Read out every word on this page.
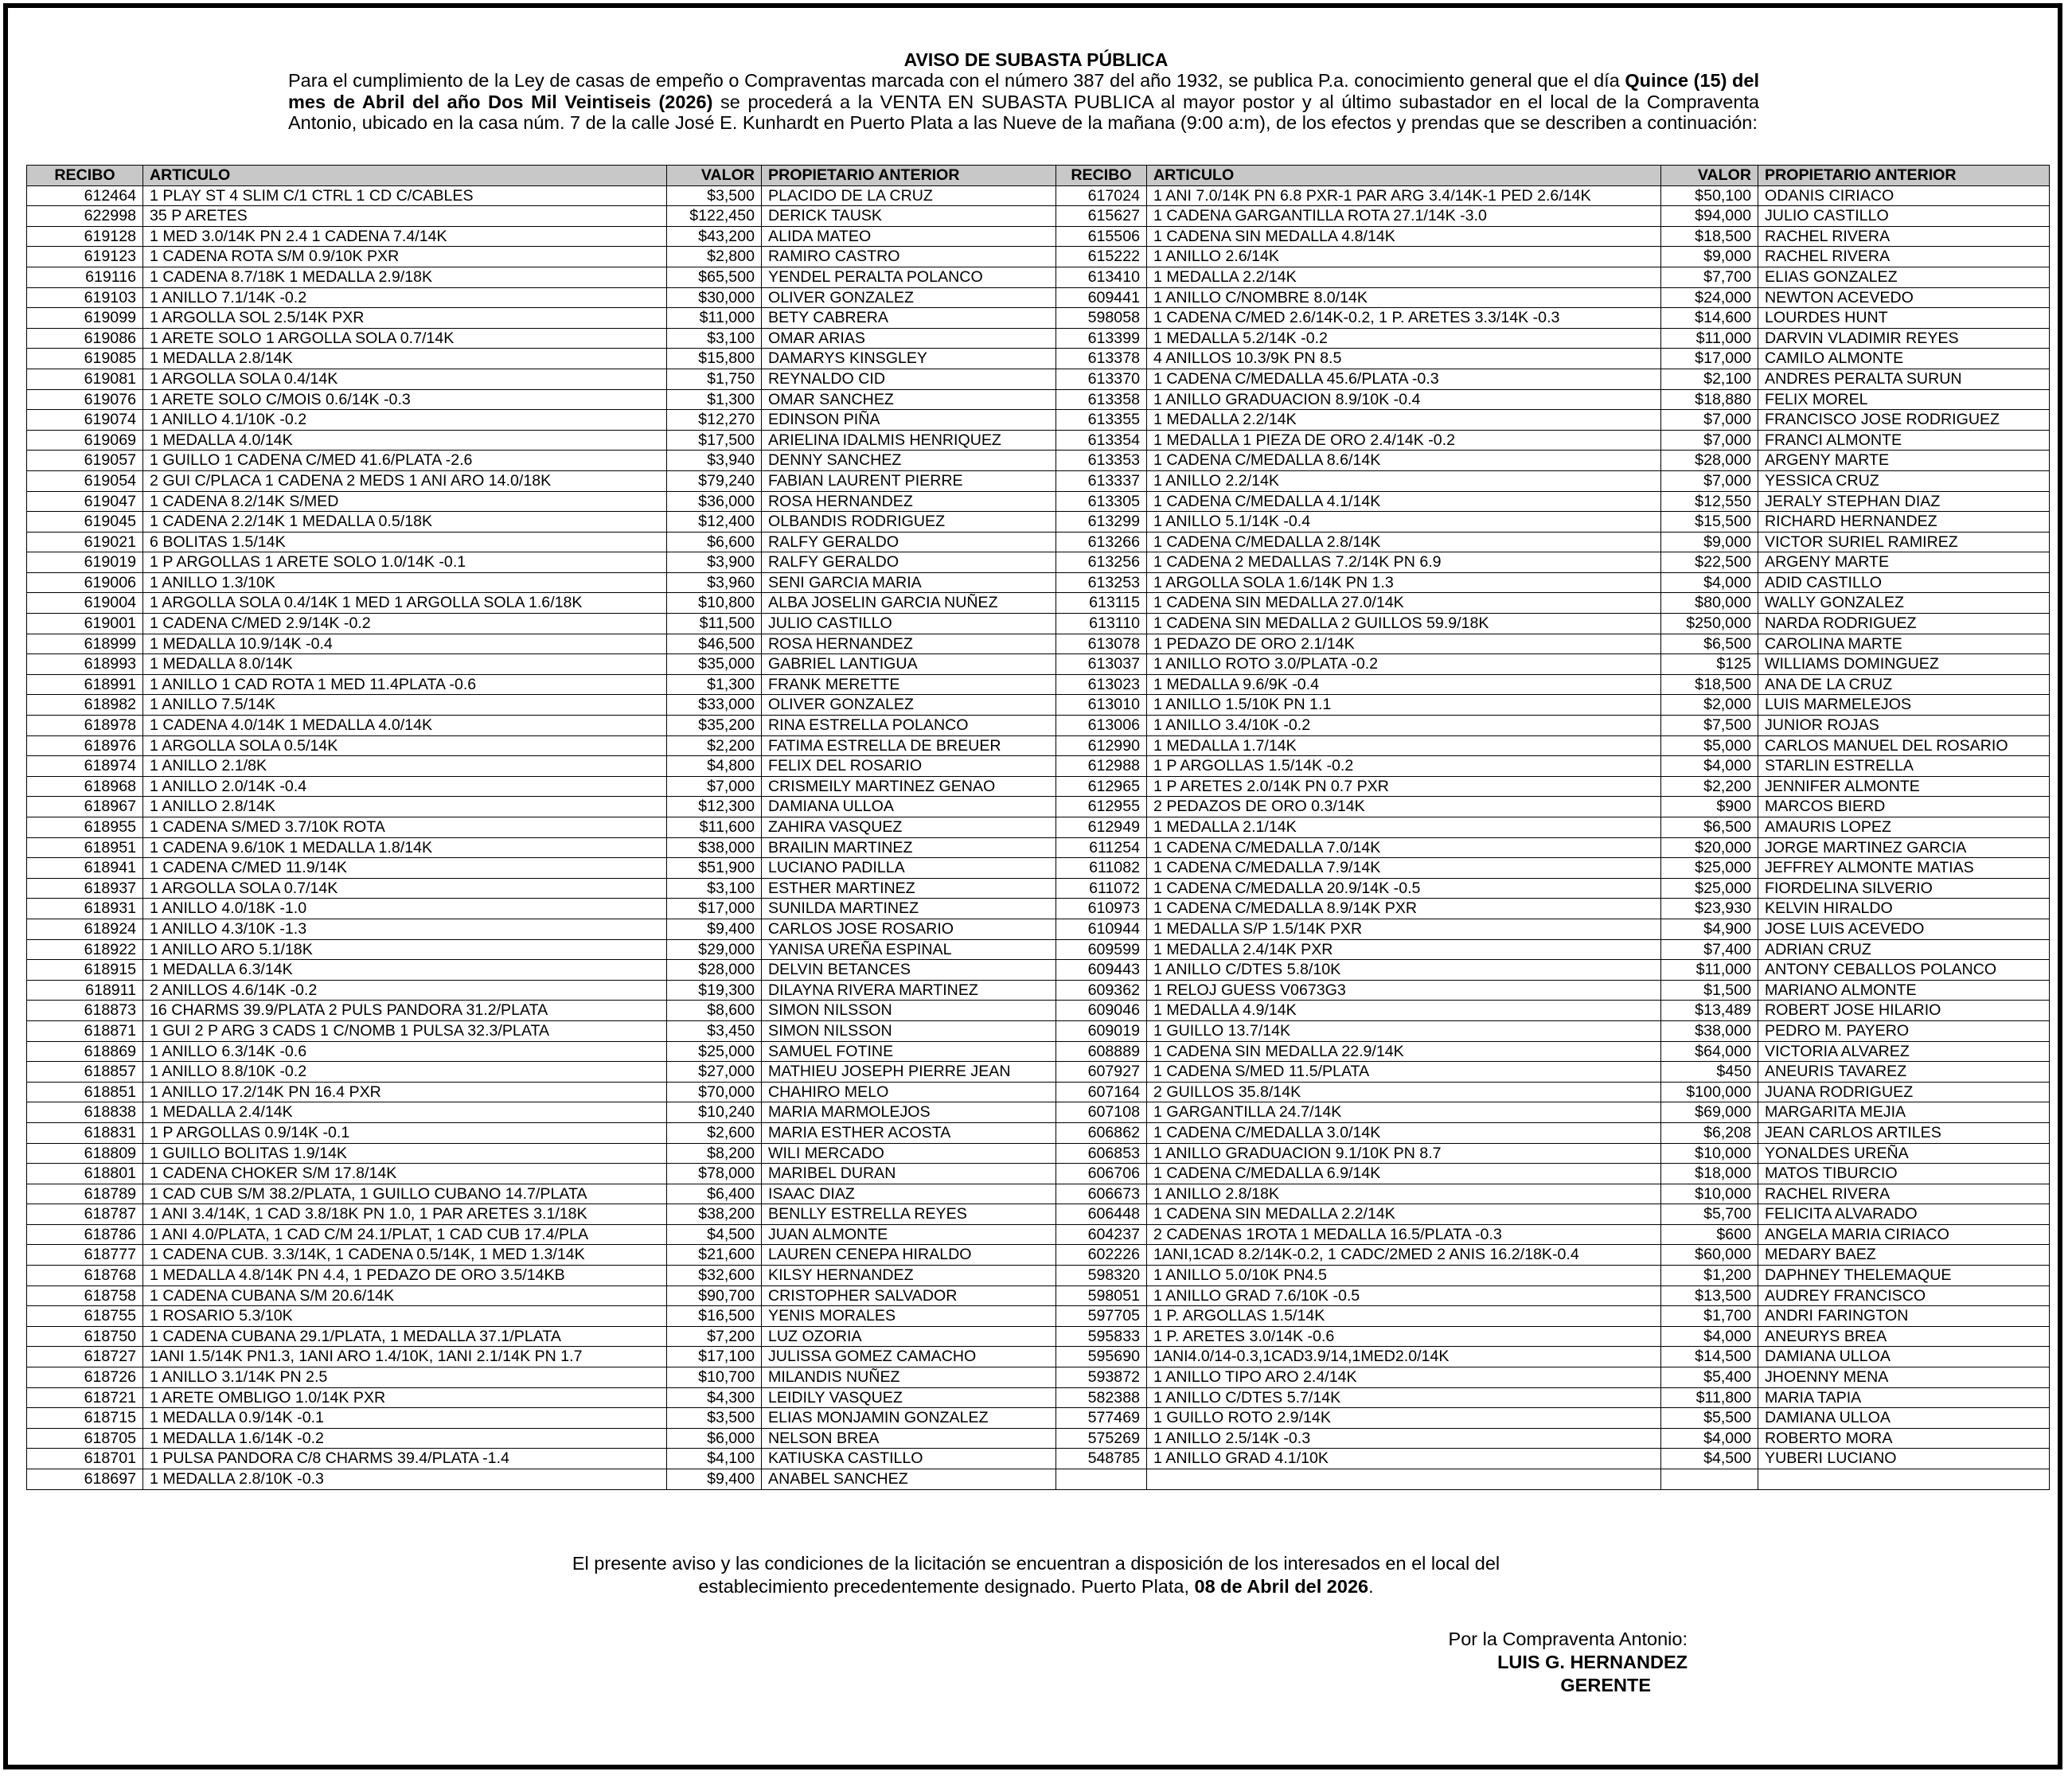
AVISO DE SUBASTA PÚBLICA
Para el cumplimiento de la Ley de casas de empeño o Compraventas marcada con el número 387 del año 1932, se publica P.a. conocimiento general que el día Quince (15) del mes de Abril del año Dos Mil Veintiseis (2026) se procederá a la VENTA EN SUBASTA PUBLICA al mayor postor y al último subastador en el local de la Compraventa Antonio, ubicado en la casa núm. 7 de la calle José E. Kunhardt en Puerto Plata a las Nueve de la mañana (9:00 a:m), de los efectos y prendas que se describen a continuación:
RECIBO	ARTICULO	VALOR	PROPIETARIO ANTERIOR	RECIBO	ARTICULO	VALOR	PROPIETARIO ANTERIOR
612464	1 PLAY ST 4 SLIM C/1 CTRL 1 CD C/CABLES	$3,500	PLACIDO DE LA CRUZ	617024	1 ANI 7.0/14K PN 6.8 PXR-1 PAR ARG 3.4/14K-1 PED 2.6/14K	$50,100	ODANIS CIRIACO
622998	35 P ARETES	$122,450	DERICK TAUSK	615627	1 CADENA GARGANTILLA ROTA 27.1/14K -3.0	$94,000	JULIO CASTILLO
619128	1 MED 3.0/14K PN 2.4 1 CADENA 7.4/14K	$43,200	ALIDA MATEO	615506	1 CADENA SIN MEDALLA 4.8/14K	$18,500	RACHEL RIVERA
619123	1 CADENA ROTA S/M 0.9/10K PXR	$2,800	RAMIRO CASTRO	615222	1 ANILLO 2.6/14K	$9,000	RACHEL RIVERA
619116	1 CADENA 8.7/18K 1 MEDALLA 2.9/18K	$65,500	YENDEL PERALTA POLANCO	613410	1 MEDALLA 2.2/14K	$7,700	ELIAS GONZALEZ
619103	1 ANILLO 7.1/14K -0.2	$30,000	OLIVER GONZALEZ	609441	1 ANILLO C/NOMBRE 8.0/14K	$24,000	NEWTON ACEVEDO
619099	1 ARGOLLA SOL 2.5/14K PXR	$11,000	BETY CABRERA	598058	1 CADENA C/MED 2.6/14K-0.2, 1 P. ARETES 3.3/14K -0.3	$14,600	LOURDES HUNT
619086	1 ARETE SOLO 1 ARGOLLA SOLA 0.7/14K	$3,100	OMAR ARIAS	613399	1 MEDALLA 5.2/14K -0.2	$11,000	DARVIN VLADIMIR REYES
619085	1 MEDALLA 2.8/14K	$15,800	DAMARYS KINSGLEY	613378	4 ANILLOS 10.3/9K PN 8.5	$17,000	CAMILO ALMONTE
619081	1 ARGOLLA SOLA 0.4/14K	$1,750	REYNALDO CID	613370	1 CADENA C/MEDALLA 45.6/PLATA -0.3	$2,100	ANDRES PERALTA SURUN
619076	1 ARETE SOLO C/MOIS 0.6/14K -0.3	$1,300	OMAR SANCHEZ	613358	1 ANILLO GRADUACION 8.9/10K -0.4	$18,880	FELIX MOREL
619074	1 ANILLO 4.1/10K -0.2	$12,270	EDINSON PIÑA	613355	1 MEDALLA 2.2/14K	$7,000	FRANCISCO JOSE RODRIGUEZ
619069	1 MEDALLA 4.0/14K	$17,500	ARIELINA IDALMIS HENRIQUEZ	613354	1 MEDALLA 1 PIEZA DE ORO 2.4/14K -0.2	$7,000	FRANCI ALMONTE
619057	1 GUILLO 1 CADENA C/MED 41.6/PLATA -2.6	$3,940	DENNY SANCHEZ	613353	1 CADENA C/MEDALLA 8.6/14K	$28,000	ARGENY MARTE
619054	2 GUI C/PLACA 1 CADENA 2 MEDS 1 ANI ARO 14.0/18K	$79,240	FABIAN LAURENT PIERRE	613337	1 ANILLO 2.2/14K	$7,000	YESSICA CRUZ
619047	1 CADENA 8.2/14K S/MED	$36,000	ROSA HERNANDEZ	613305	1 CADENA C/MEDALLA 4.1/14K	$12,550	JERALY STEPHAN DIAZ
619045	1 CADENA 2.2/14K 1 MEDALLA 0.5/18K	$12,400	OLBANDIS RODRIGUEZ	613299	1 ANILLO 5.1/14K -0.4	$15,500	RICHARD HERNANDEZ
619021	6 BOLITAS 1.5/14K	$6,600	RALFY GERALDO	613266	1 CADENA C/MEDALLA 2.8/14K	$9,000	VICTOR SURIEL RAMIREZ
619019	1 P ARGOLLAS 1 ARETE SOLO 1.0/14K -0.1	$3,900	RALFY GERALDO	613256	1 CADENA 2 MEDALLAS 7.2/14K PN 6.9	$22,500	ARGENY MARTE
619006	1 ANILLO 1.3/10K	$3,960	SENI GARCIA MARIA	613253	1 ARGOLLA SOLA 1.6/14K PN 1.3	$4,000	ADID CASTILLO
619004	1 ARGOLLA SOLA 0.4/14K 1 MED 1 ARGOLLA SOLA 1.6/18K	$10,800	ALBA JOSELIN GARCIA NUÑEZ	613115	1 CADENA SIN MEDALLA 27.0/14K	$80,000	WALLY GONZALEZ
619001	1 CADENA C/MED 2.9/14K -0.2	$11,500	JULIO CASTILLO	613110	1 CADENA SIN MEDALLA 2 GUILLOS 59.9/18K	$250,000	NARDA RODRIGUEZ
618999	1 MEDALLA 10.9/14K -0.4	$46,500	ROSA HERNANDEZ	613078	1 PEDAZO DE ORO 2.1/14K	$6,500	CAROLINA MARTE
618993	1 MEDALLA 8.0/14K	$35,000	GABRIEL LANTIGUA	613037	1 ANILLO ROTO 3.0/PLATA -0.2	$125	WILLIAMS DOMINGUEZ
618991	1 ANILLO 1 CAD ROTA 1 MED 11.4PLATA -0.6	$1,300	FRANK MERETTE	613023	1 MEDALLA 9.6/9K -0.4	$18,500	ANA DE LA CRUZ
618982	1 ANILLO 7.5/14K	$33,000	OLIVER GONZALEZ	613010	1 ANILLO 1.5/10K PN 1.1	$2,000	LUIS MARMELEJOS
618978	1 CADENA 4.0/14K 1 MEDALLA 4.0/14K	$35,200	RINA ESTRELLA POLANCO	613006	1 ANILLO 3.4/10K -0.2	$7,500	JUNIOR ROJAS
618976	1 ARGOLLA SOLA 0.5/14K	$2,200	FATIMA ESTRELLA DE BREUER	612990	1 MEDALLA 1.7/14K	$5,000	CARLOS MANUEL DEL ROSARIO
618974	1 ANILLO 2.1/8K	$4,800	FELIX DEL ROSARIO	612988	1 P ARGOLLAS 1.5/14K -0.2	$4,000	STARLIN ESTRELLA
618968	1 ANILLO 2.0/14K -0.4	$7,000	CRISMEILY MARTINEZ GENAO	612965	1 P ARETES 2.0/14K PN 0.7 PXR	$2,200	JENNIFER ALMONTE
618967	1 ANILLO 2.8/14K	$12,300	DAMIANA ULLOA	612955	2 PEDAZOS DE ORO 0.3/14K	$900	MARCOS BIERD
618955	1 CADENA S/MED 3.7/10K ROTA	$11,600	ZAHIRA VASQUEZ	612949	1 MEDALLA 2.1/14K	$6,500	AMAURIS LOPEZ
618951	1 CADENA 9.6/10K 1 MEDALLA 1.8/14K	$38,000	BRAILIN MARTINEZ	611254	1 CADENA C/MEDALLA 7.0/14K	$20,000	JORGE MARTINEZ GARCIA
618941	1 CADENA C/MED 11.9/14K	$51,900	LUCIANO PADILLA	611082	1 CADENA C/MEDALLA 7.9/14K	$25,000	JEFFREY ALMONTE MATIAS
618937	1 ARGOLLA SOLA 0.7/14K	$3,100	ESTHER MARTINEZ	611072	1 CADENA C/MEDALLA 20.9/14K -0.5	$25,000	FIORDELINA SILVERIO
618931	1 ANILLO 4.0/18K -1.0	$17,000	SUNILDA MARTINEZ	610973	1 CADENA C/MEDALLA 8.9/14K PXR	$23,930	KELVIN HIRALDO
618924	1 ANILLO 4.3/10K -1.3	$9,400	CARLOS JOSE ROSARIO	610944	1 MEDALLA S/P 1.5/14K PXR	$4,900	JOSE LUIS ACEVEDO
618922	1 ANILLO ARO 5.1/18K	$29,000	YANISA UREÑA ESPINAL	609599	1 MEDALLA 2.4/14K PXR	$7,400	ADRIAN CRUZ
618915	1 MEDALLA 6.3/14K	$28,000	DELVIN BETANCES	609443	1 ANILLO C/DTES 5.8/10K	$11,000	ANTONY CEBALLOS POLANCO
618911	2 ANILLOS 4.6/14K -0.2	$19,300	DILAYNA RIVERA MARTINEZ	609362	1 RELOJ GUESS V0673G3	$1,500	MARIANO ALMONTE
618873	16 CHARMS 39.9/PLATA 2 PULS PANDORA 31.2/PLATA	$8,600	SIMON NILSSON	609046	1 MEDALLA 4.9/14K	$13,489	ROBERT JOSE HILARIO
618871	1 GUI 2 P ARG 3 CADS 1 C/NOMB 1 PULSA 32.3/PLATA	$3,450	SIMON NILSSON	609019	1 GUILLO 13.7/14K	$38,000	PEDRO M. PAYERO
618869	1 ANILLO 6.3/14K -0.6	$25,000	SAMUEL FOTINE	608889	1 CADENA SIN MEDALLA 22.9/14K	$64,000	VICTORIA ALVAREZ
618857	1 ANILLO 8.8/10K -0.2	$27,000	MATHIEU JOSEPH PIERRE JEAN	607927	1 CADENA S/MED 11.5/PLATA	$450	ANEURIS TAVAREZ
618851	1 ANILLO 17.2/14K PN 16.4 PXR	$70,000	CHAHIRO MELO	607164	2 GUILLOS 35.8/14K	$100,000	JUANA RODRIGUEZ
618838	1 MEDALLA 2.4/14K	$10,240	MARIA MARMOLEJOS	607108	1 GARGANTILLA 24.7/14K	$69,000	MARGARITA MEJIA
618831	1 P ARGOLLAS 0.9/14K -0.1	$2,600	MARIA ESTHER ACOSTA	606862	1 CADENA C/MEDALLA 3.0/14K	$6,208	JEAN CARLOS ARTILES
618809	1 GUILLO BOLITAS 1.9/14K	$8,200	WILI MERCADO	606853	1 ANILLO GRADUACION 9.1/10K PN 8.7	$10,000	YONALDES UREÑA
618801	1 CADENA CHOKER S/M 17.8/14K	$78,000	MARIBEL DURAN	606706	1 CADENA C/MEDALLA 6.9/14K	$18,000	MATOS TIBURCIO
618789	1 CAD CUB S/M 38.2/PLATA, 1 GUILLO CUBANO 14.7/PLATA	$6,400	ISAAC DIAZ	606673	1 ANILLO 2.8/18K	$10,000	RACHEL RIVERA
618787	1 ANI 3.4/14K, 1 CAD 3.8/18K PN 1.0, 1 PAR ARETES 3.1/18K	$38,200	BENLLY ESTRELLA REYES	606448	1 CADENA SIN MEDALLA 2.2/14K	$5,700	FELICITA ALVARADO
618786	1 ANI 4.0/PLATA, 1 CAD C/M 24.1/PLAT, 1 CAD CUB 17.4/PLA	$4,500	JUAN ALMONTE	604237	2 CADENAS 1ROTA 1 MEDALLA 16.5/PLATA -0.3	$600	ANGELA MARIA CIRIACO
618777	1 CADENA CUB. 3.3/14K, 1 CADENA 0.5/14K, 1 MED 1.3/14K	$21,600	LAUREN CENEPA HIRALDO	602226	1ANI,1CAD 8.2/14K-0.2, 1 CADC/2MED 2 ANIS 16.2/18K-0.4	$60,000	MEDARY BAEZ
618768	1 MEDALLA 4.8/14K PN 4.4, 1 PEDAZO DE ORO 3.5/14KB	$32,600	KILSY HERNANDEZ	598320	1 ANILLO 5.0/10K PN4.5	$1,200	DAPHNEY THELEMAQUE
618758	1 CADENA CUBANA S/M 20.6/14K	$90,700	CRISTOPHER SALVADOR	598051	1 ANILLO GRAD 7.6/10K -0.5	$13,500	AUDREY FRANCISCO
618755	1 ROSARIO 5.3/10K	$16,500	YENIS MORALES	597705	1 P. ARGOLLAS 1.5/14K	$1,700	ANDRI FARINGTON
618750	1 CADENA CUBANA 29.1/PLATA, 1 MEDALLA 37.1/PLATA	$7,200	LUZ OZORIA	595833	1 P. ARETES 3.0/14K -0.6	$4,000	ANEURYS BREA
618727	1ANI 1.5/14K PN1.3, 1ANI ARO 1.4/10K, 1ANI 2.1/14K PN 1.7	$17,100	JULISSA GOMEZ CAMACHO	595690	1ANI4.0/14-0.3,1CAD3.9/14,1MED2.0/14K	$14,500	DAMIANA ULLOA
618726	1 ANILLO 3.1/14K PN 2.5	$10,700	MILANDIS NUÑEZ	593872	1 ANILLO TIPO ARO 2.4/14K	$5,400	JHOENNY MENA
618721	1 ARETE OMBLIGO 1.0/14K PXR	$4,300	LEIDILY VASQUEZ	582388	1 ANILLO C/DTES 5.7/14K	$11,800	MARIA TAPIA
618715	1 MEDALLA 0.9/14K -0.1	$3,500	ELIAS MONJAMIN GONZALEZ	577469	1 GUILLO ROTO 2.9/14K	$5,500	DAMIANA ULLOA
618705	1 MEDALLA 1.6/14K -0.2	$6,000	NELSON BREA	575269	1 ANILLO 2.5/14K -0.3	$4,000	ROBERTO MORA
618701	1 PULSA PANDORA C/8 CHARMS 39.4/PLATA -1.4	$4,100	KATIUSKA CASTILLO	548785	1 ANILLO GRAD 4.1/10K	$4,500	YUBERI LUCIANO
618697	1 MEDALLA 2.8/10K -0.3	$9,400	ANABEL SANCHEZ				
El presente aviso y las condiciones de la licitación se encuentran a disposición de los interesados en el local del
establecimiento precedentemente designado. Puerto Plata, 08 de Abril del 2026.
Por la Compraventa Antonio:
LUIS G. HERNANDEZ
GERENTE
